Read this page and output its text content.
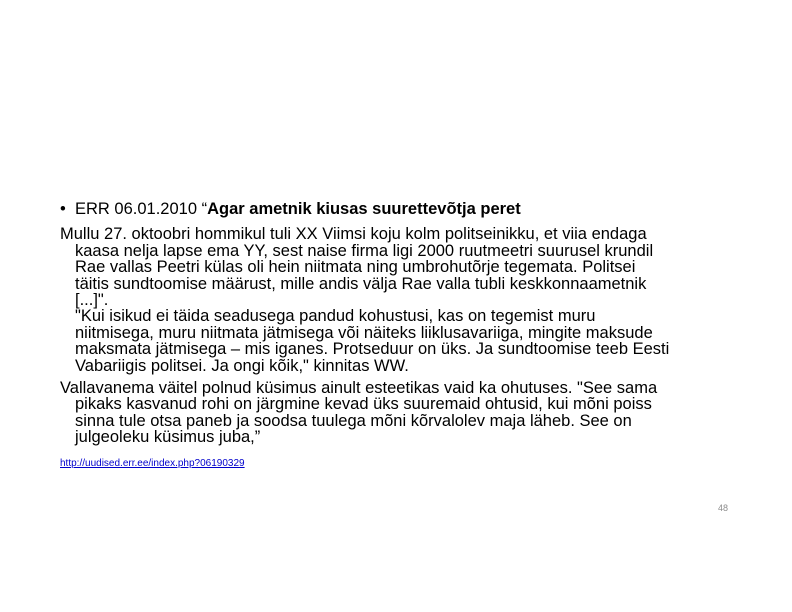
• ERR 06.01.2010 “Agar ametnik kiusas suurettevõtja peret
Mullu 27. oktoobri hommikul tuli XX Viimsi koju kolm politseinikku, et viia endaga
kaasa nelja lapse ema YY, sest naise firma ligi 2000 ruutmeetri suurusel krundil
Rae vallas Peetri külas oli hein niitmata ning umbrohutõrje tegemata. Politsei
täitis sundtoomise määrust, mille andis välja Rae valla tubli keskkonnaametnik
[...]".
"Kui isikud ei täida seadusega pandud kohustusi, kas on tegemist muru
niitmisega, muru niitmata jätmisega või näiteks liiklusavariiga, mingite maksude
maksmata jätmisega – mis iganes. Protseduur on üks. Ja sundtoomise teeb Eesti
Vabariigis politsei. Ja ongi kõik," kinnitas WW.
Vallavanema väitel polnud küsimus ainult esteetikas vaid ka ohutuses. "See sama
pikaks kasvanud rohi on järgmine kevad üks suuremaid ohtusid, kui mõni poiss
sinna tule otsa paneb ja soodsa tuulega mõni kõrvalolev maja läheb. See on
julgeoleku küsimus juba,”
http://uudised.err.ee/index.php?06190329
48
